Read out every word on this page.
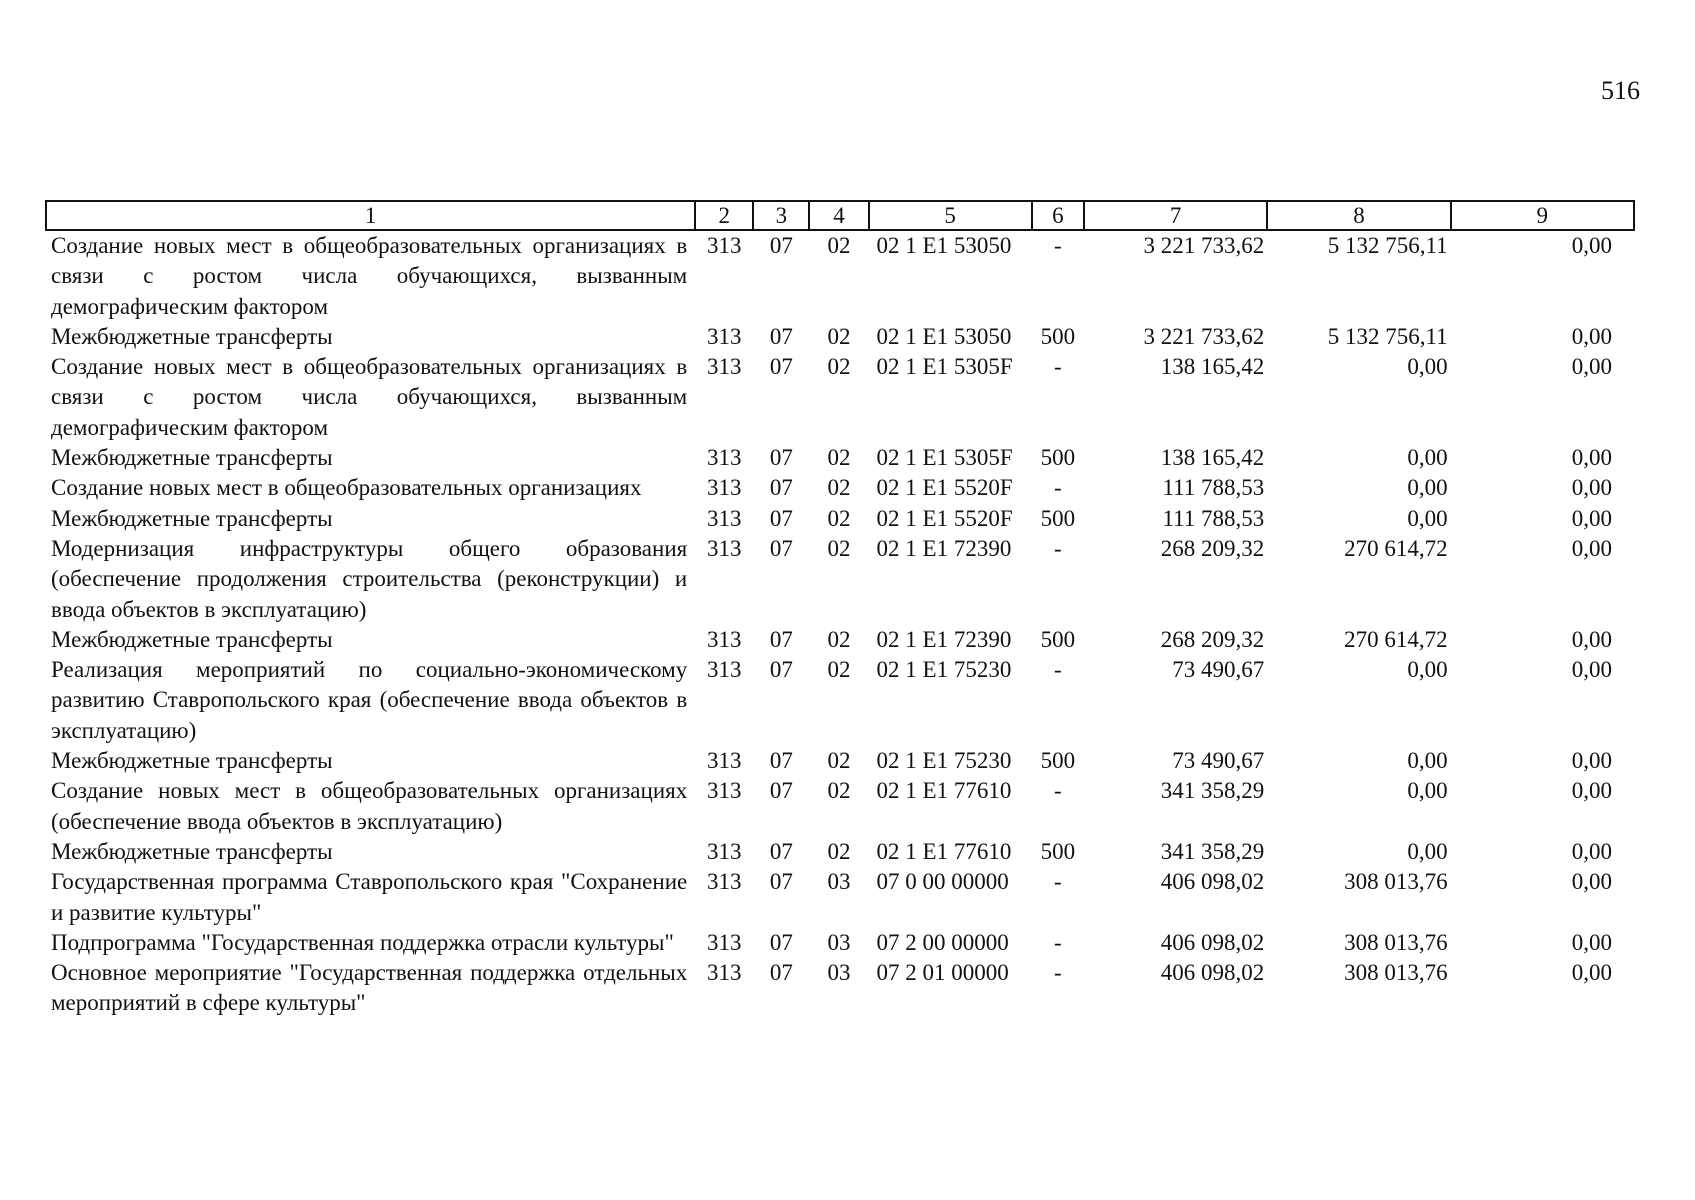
516
1	2	3	4	5	6	7	8	9
Создание новых мест в общеобразовательных организациях в связи с ростом числа обучающихся, вызванным демографическим фактором	313	07	02	02 1 E1 53050	-	3 221 733,62	5 132 756,11	0,00
Межбюджетные трансферты	313	07	02	02 1 E1 53050	500	3 221 733,62	5 132 756,11	0,00
Создание новых мест в общеобразовательных организациях в связи с ростом числа обучающихся, вызванным демографическим фактором	313	07	02	02 1 E1 5305F	-	138 165,42	0,00	0,00
Межбюджетные трансферты	313	07	02	02 1 E1 5305F	500	138 165,42	0,00	0,00
Создание новых мест в общеобразовательных организациях	313	07	02	02 1 E1 5520F	-	111 788,53	0,00	0,00
Межбюджетные трансферты	313	07	02	02 1 E1 5520F	500	111 788,53	0,00	0,00
Модернизация инфраструктуры общего образования (обеспечение продолжения строительства (реконструкции) и ввода объектов в эксплуатацию)	313	07	02	02 1 E1 72390	-	268 209,32	270 614,72	0,00
Межбюджетные трансферты	313	07	02	02 1 E1 72390	500	268 209,32	270 614,72	0,00
Реализация мероприятий по социально-экономическому развитию Ставропольского края (обеспечение ввода объектов в эксплуатацию)	313	07	02	02 1 E1 75230	-	73 490,67	0,00	0,00
Межбюджетные трансферты	313	07	02	02 1 E1 75230	500	73 490,67	0,00	0,00
Создание новых мест в общеобразовательных организациях (обеспечение ввода объектов в эксплуатацию)	313	07	02	02 1 E1 77610	-	341 358,29	0,00	0,00
Межбюджетные трансферты	313	07	02	02 1 E1 77610	500	341 358,29	0,00	0,00
Государственная программа Ставропольского края "Сохранение и развитие культуры"	313	07	03	07 0 00 00000	-	406 098,02	308 013,76	0,00
Подпрограмма "Государственная поддержка отрасли культуры"	313	07	03	07 2 00 00000	-	406 098,02	308 013,76	0,00
Основное мероприятие "Государственная поддержка отдельных мероприятий в сфере культуры"	313	07	03	07 2 01 00000	-	406 098,02	308 013,76	0,00
